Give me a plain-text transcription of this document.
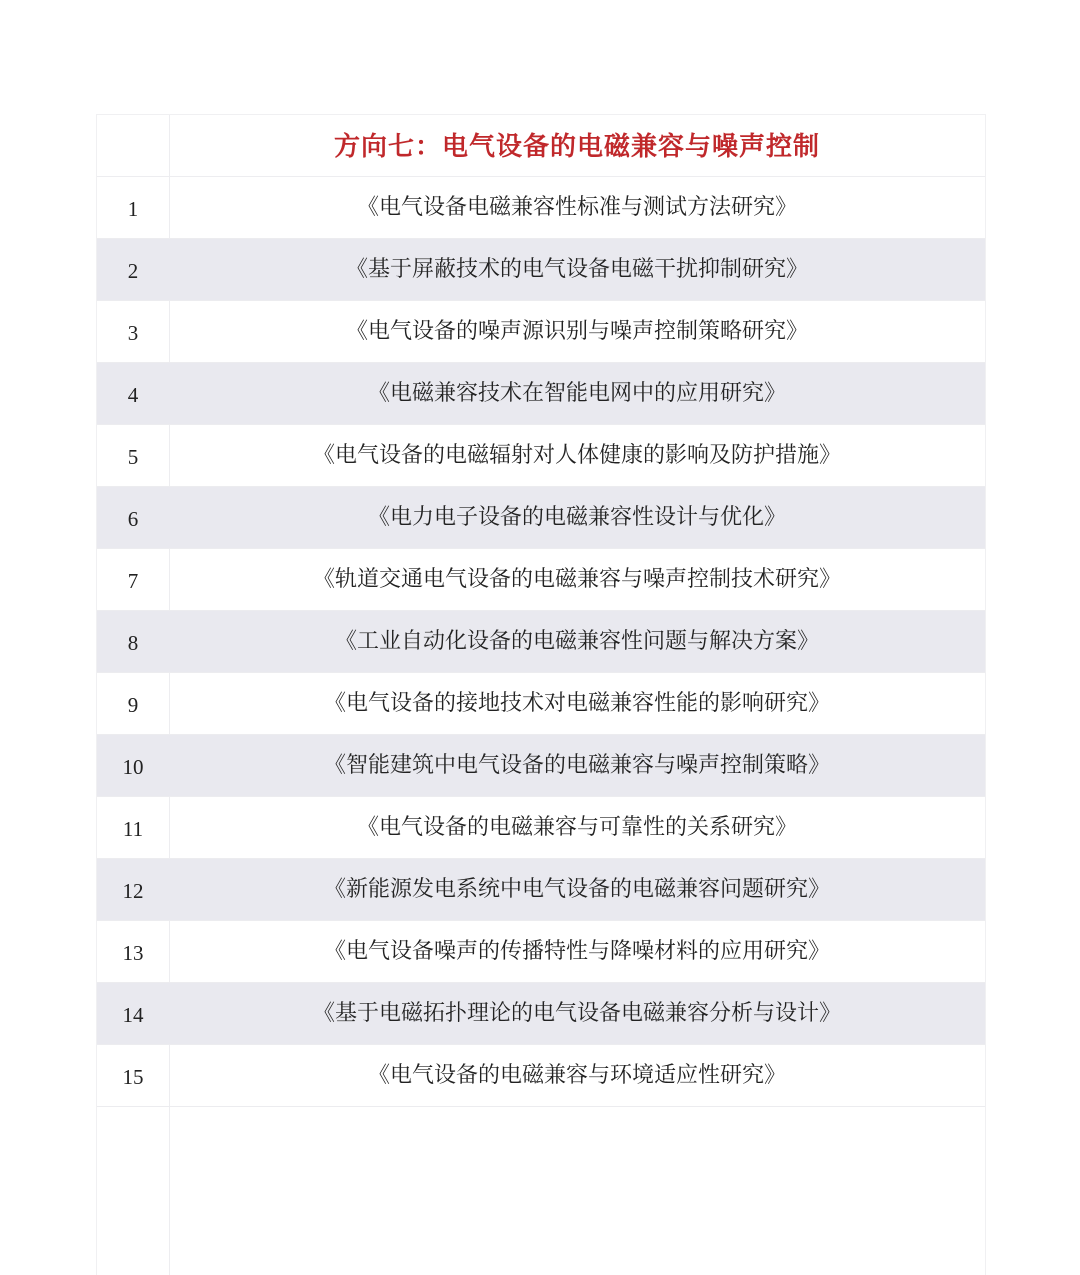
方向七：电气设备的电磁兼容与噪声控制
1	《电气设备电磁兼容性标准与测试方法研究》
2	《基于屏蔽技术的电气设备电磁干扰抑制研究》
3	《电气设备的噪声源识别与噪声控制策略研究》
4	《电磁兼容技术在智能电网中的应用研究》
5	《电气设备的电磁辐射对人体健康的影响及防护措施》
6	《电力电子设备的电磁兼容性设计与优化》
7	《轨道交通电气设备的电磁兼容与噪声控制技术研究》
8	《工业自动化设备的电磁兼容性问题与解决方案》
9	《电气设备的接地技术对电磁兼容性能的影响研究》
10	《智能建筑中电气设备的电磁兼容与噪声控制策略》
11	《电气设备的电磁兼容与可靠性的关系研究》
12	《新能源发电系统中电气设备的电磁兼容问题研究》
13	《电气设备噪声的传播特性与降噪材料的应用研究》
14	《基于电磁拓扑理论的电气设备电磁兼容分析与设计》
15	《电气设备的电磁兼容与环境适应性研究》
